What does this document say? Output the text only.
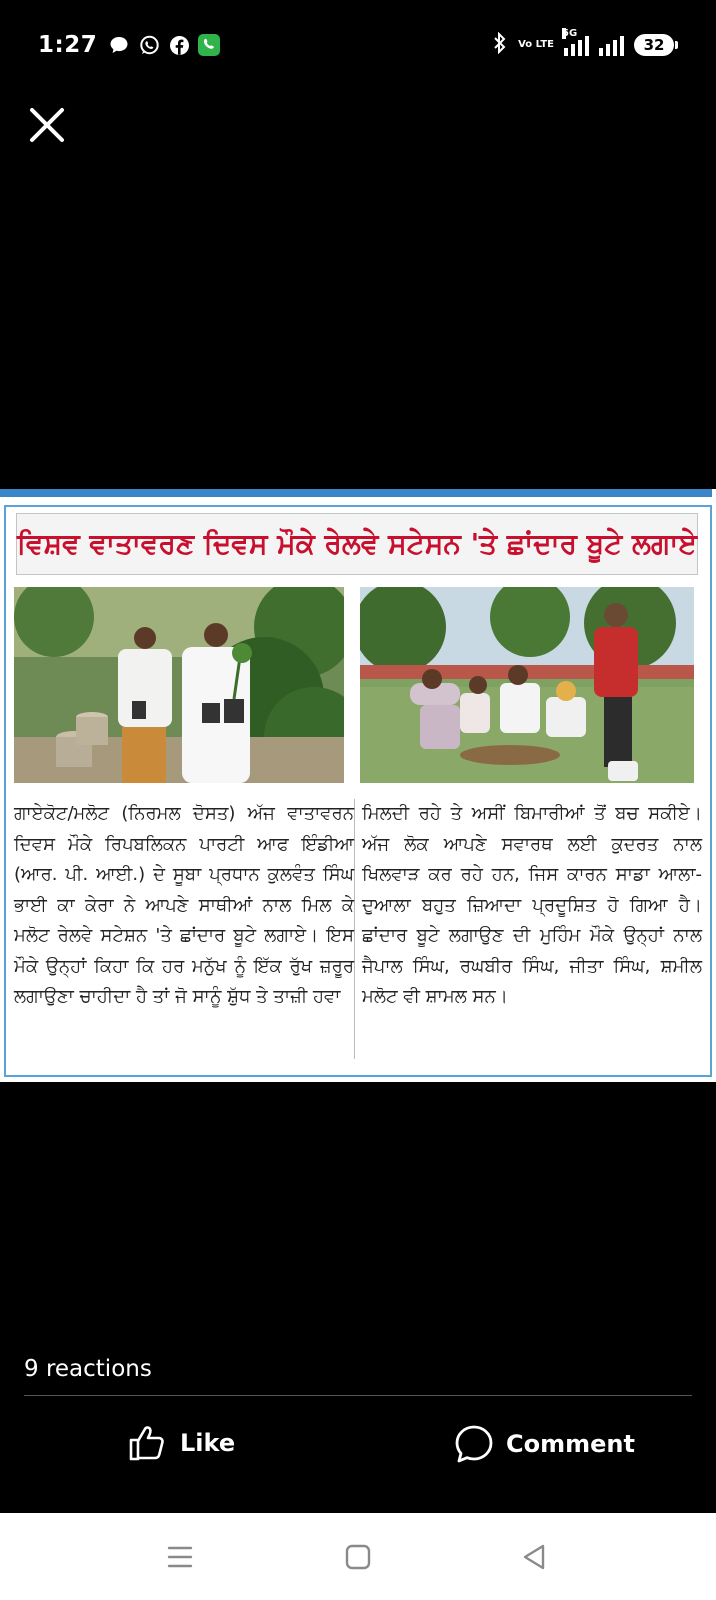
1:27	Vo LTE
5G
32
ਵਿਸ਼ਵ ਵਾਤਾਵਰਣ ਦਿਵਸ ਮੌਕੇ ਰੇਲਵੇ ਸਟੇਸਨ 'ਤੇ ਛਾਂਦਾਰ ਬੂਟੇ ਲਗਾਏ
ਗਾਏਕੋਟ/ਮਲੋਟ (ਨਿਰਮਲ ਦੋਸਤ) ਅੱਜ ਵਾਤਾਵਰਨ ਦਿਵਸ ਮੌਕੇ ਰਿਪਬਲਿਕਨ ਪਾਰਟੀ ਆਫ ਇੰਡੀਆ (ਆਰ. ਪੀ. ਆਈ.) ਦੇ ਸੂਬਾ ਪ੍ਰਧਾਨ ਕੁਲਵੰਤ ਸਿੰਘ ਭਾਈ ਕਾ ਕੇਰਾ ਨੇ ਆਪਣੇ ਸਾਥੀਆਂ ਨਾਲ ਮਿਲ ਕੇ ਮਲੋਟ ਰੇਲਵੇ ਸਟੇਸ਼ਨ 'ਤੇ ਛਾਂਦਾਰ ਬੂਟੇ ਲਗਾਏ। ਇਸ ਮੌਕੇ ਉਨ੍ਹਾਂ ਕਿਹਾ ਕਿ ਹਰ ਮਨੁੱਖ ਨੂੰ ਇੱਕ ਰੁੱਖ ਜ਼ਰੂਰ ਲਗਾਉਣਾ ਚਾਹੀਦਾ ਹੈ ਤਾਂ ਜੋ ਸਾਨੂੰ ਸ਼ੁੱਧ ਤੇ ਤਾਜ਼ੀ ਹਵਾ
ਮਿਲਦੀ ਰਹੇ ਤੇ ਅਸੀਂ ਬਿਮਾਰੀਆਂ ਤੋਂ ਬਚ ਸਕੀਏ। ਅੱਜ ਲੋਕ ਆਪਣੇ ਸਵਾਰਥ ਲਈ ਕੁਦਰਤ ਨਾਲ ਖਿਲਵਾੜ ਕਰ ਰਹੇ ਹਨ, ਜਿਸ ਕਾਰਨ ਸਾਡਾ ਆਲਾ-ਦੁਆਲਾ ਬਹੁਤ ਜ਼ਿਆਦਾ ਪ੍ਰਦੂਸ਼ਿਤ ਹੋ ਗਿਆ ਹੈ।ਛਾਂਦਾਰ ਬੂਟੇ ਲਗਾਉਣ ਦੀ ਮੁਹਿੰਮ ਮੌਕੇ ਉਨ੍ਹਾਂ ਨਾਲ ਜੈਪਾਲ ਸਿੰਘ, ਰਘਬੀਰ ਸਿੰਘ, ਜੀਤਾ ਸਿੰਘ, ਸ਼ਮੀਲ ਮਲੋਟ ਵੀ ਸ਼ਾਮਲ ਸਨ।
9 reactions
Like	Comment
